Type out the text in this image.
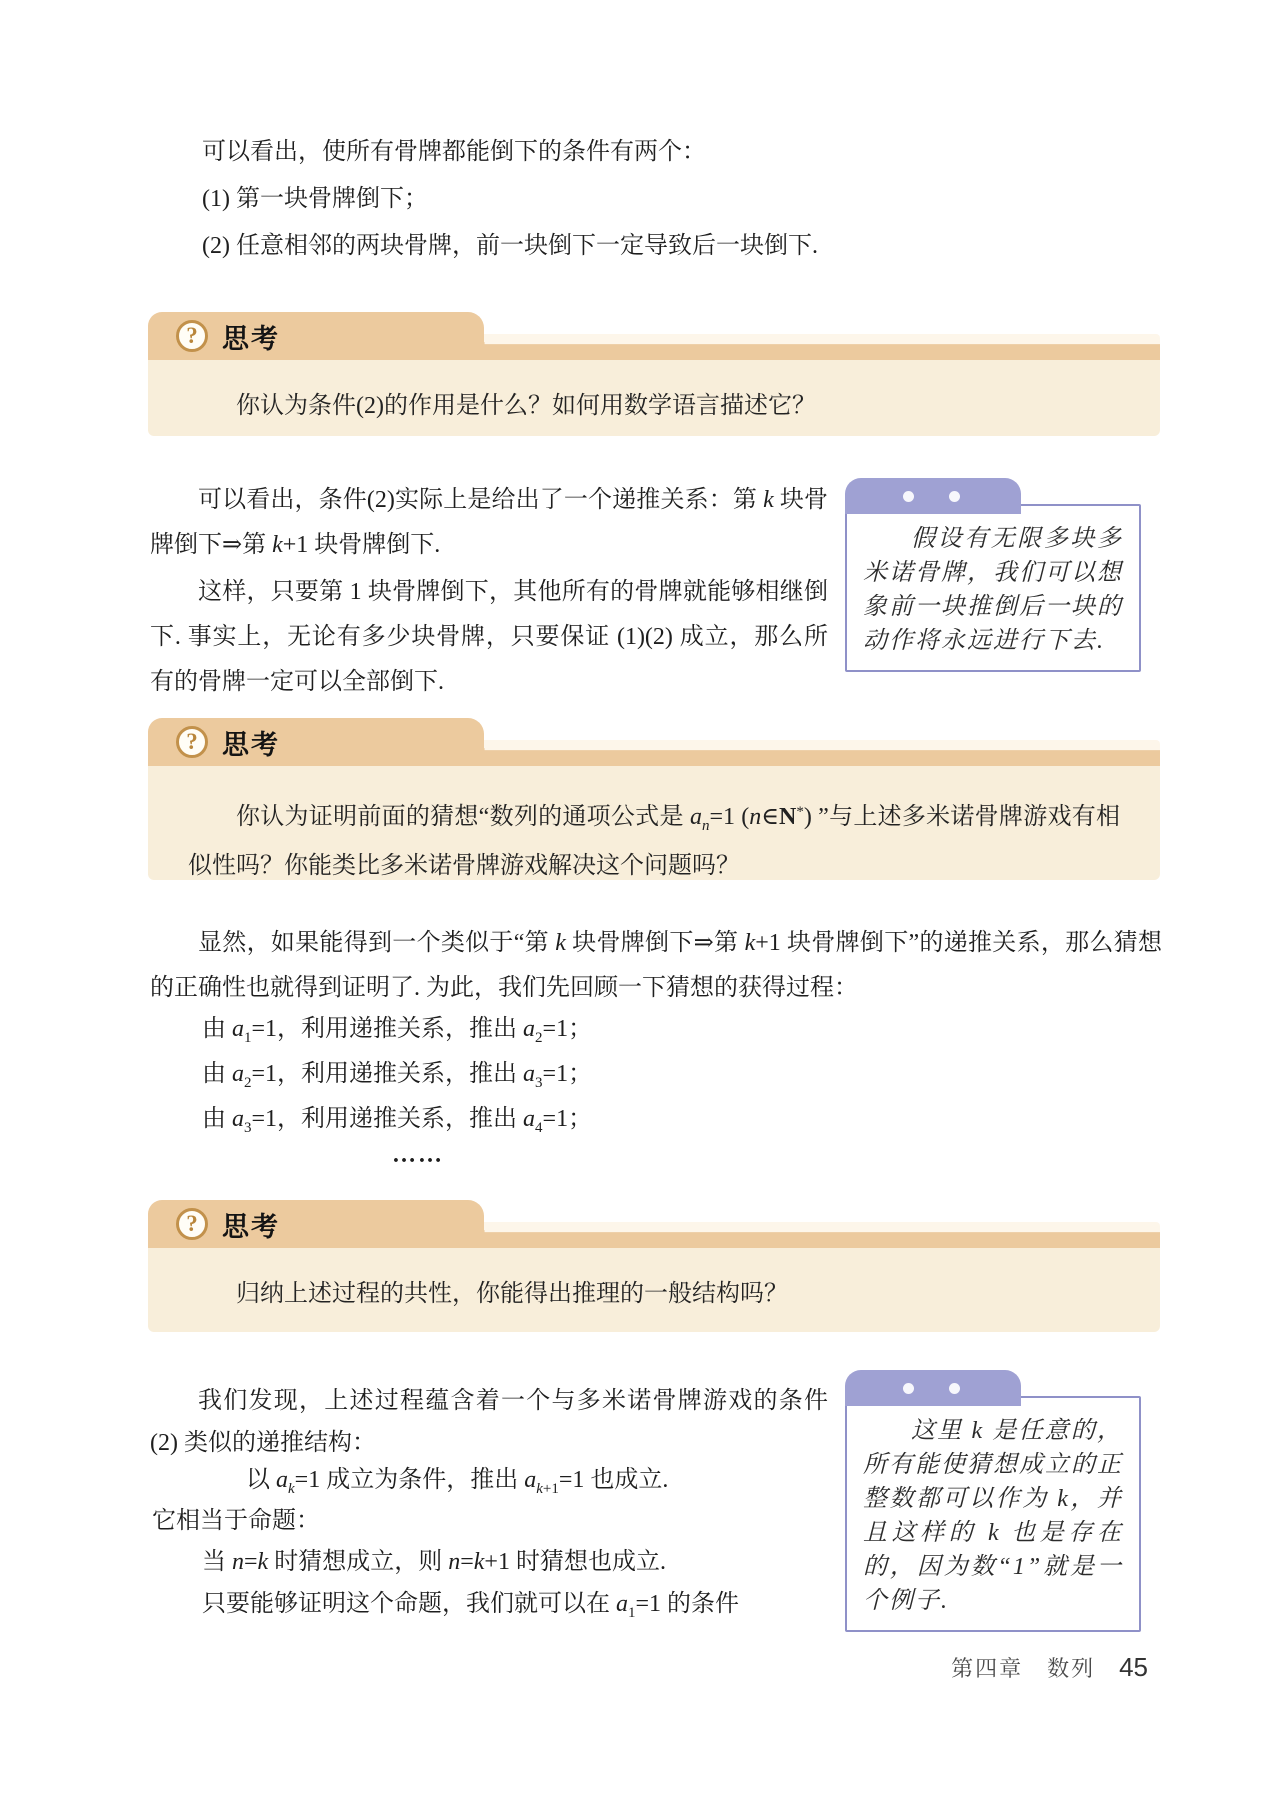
可以看出，使所有骨牌都能倒下的条件有两个：
(1) 第一块骨牌倒下；
(2) 任意相邻的两块骨牌，前一块倒下一定导致后一块倒下.
? 思考
你认为条件(2)的作用是什么？如何用数学语言描述它？
可以看出，条件(2)实际上是给出了一个递推关系：第 k 块骨牌倒下⇒第 k+1 块骨牌倒下.
这样，只要第 1 块骨牌倒下，其他所有的骨牌就能够相继倒下. 事实上，无论有多少块骨牌，只要保证 (1)(2) 成立，那么所有的骨牌一定可以全部倒下.
假设有无限多块多米诺骨牌，我们可以想象前一块推倒后一块的动作将永远进行下去.
? 思考
你认为证明前面的猜想“数列的通项公式是 $a_n=1$ (n∈N*) ”与上述多米诺骨牌游戏有相似性吗？你能类比多米诺骨牌游戏解决这个问题吗？
显然，如果能得到一个类似于“第 k 块骨牌倒下⇒第 k+1 块骨牌倒下”的递推关系，那么猜想的正确性也就得到证明了. 为此，我们先回顾一下猜想的获得过程：
由 $a_1=1$，利用递推关系，推出 $a_2=1$；
由 $a_2=1$，利用递推关系，推出 $a_3=1$；
由 $a_3=1$，利用递推关系，推出 $a_4=1$；
……
? 思考
归纳上述过程的共性，你能得出推理的一般结构吗？
我们发现，上述过程蕴含着一个与多米诺骨牌游戏的条件 (2) 类似的递推结构：
以 $a_k=1$ 成立为条件，推出 $a_{k+1}=1$ 也成立.
它相当于命题：
当 n=k 时猜想成立，则 n=k+1 时猜想也成立.
只要能够证明这个命题，我们就可以在 $a_1=1$ 的条件
这里 k 是任意的，所有能使猜想成立的正整数都可以作为 k，并且这样的 k 也是存在的，因为数“1”就是一个例子.
第四章　数列 45
